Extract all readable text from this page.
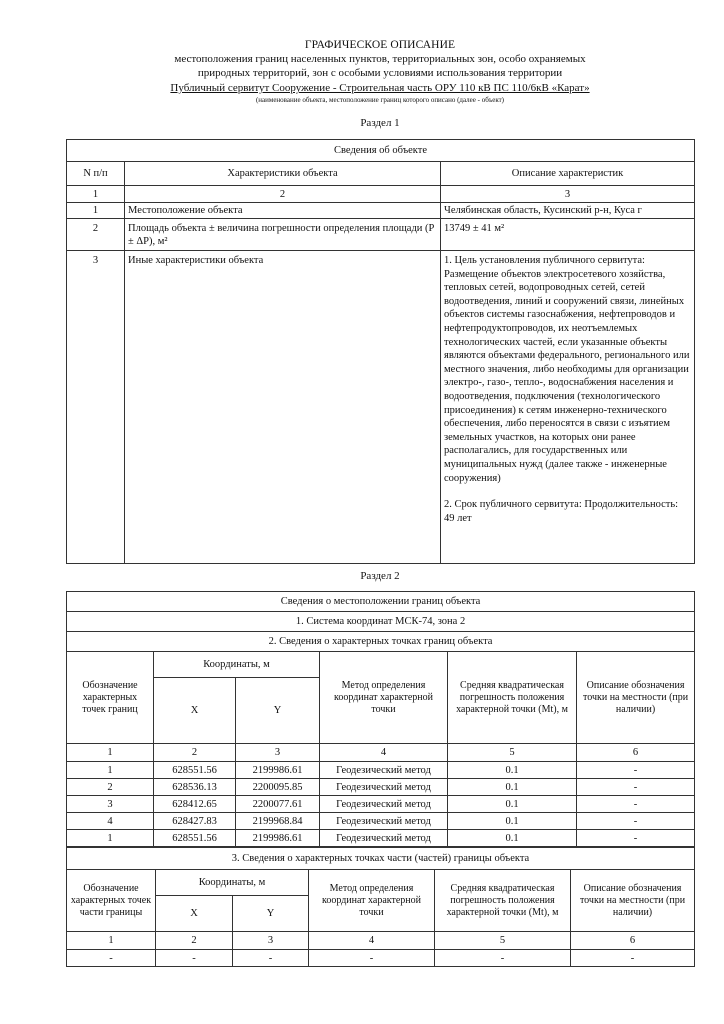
ГРАФИЧЕСКОЕ ОПИСАНИЕ
местоположения границ населенных пунктов, территориальных зон, особо охраняемых
природных территорий, зон с особыми условиями использования территории
Публичный сервитут Сооружение - Строительная часть ОРУ 110 кВ ПС 110/6кВ «Карат»
(наименование объекта, местоположение границ которого описано (далее - объект)
Раздел 1
Сведения об объекте		
N п/п	Характеристики объекта	Описание характеристик
1	2	3
1	Местоположение объекта	Челябинская область, Кусинский р-н, Куса г
2	Площадь объекта ± величина погрешности определения площади (P ± ΔP), м²	13749 ± 41 м²
3	Иные характеристики объекта	1. Цель установления публичного сервитута: Размещение объектов электросетевого хозяйства, тепловых сетей, водопроводных сетей, сетей водоотведения, линий и сооружений связи, линейных объектов системы газоснабжения, нефтепроводов и нефтепродуктопроводов, их неотъемлемых технологических частей, если указанные объекты являются объектами федерального, регионального или местного значения, либо необходимы для организации электро-, газо-, тепло-, водоснабжения населения и водоотведения, подключения (технологического присоединения) к сетям инженерно-технического обеспечения, либо переносятся в связи с изъятием земельных участков, на которых они ранее располагались, для государственных или муниципальных нужд (далее также - инженерные сооружения)
2. Срок публичного сервитута: Продолжительность: 49 лет
Раздел 2
Сведения о местоположении границ объекта					
1. Система координат МСК-74, зона 2					
2. Сведения о характерных точках границ объекта					
Обозначение характерных точек границ	Координаты, м		Метод определения координат характерной точки	Средняя квадратическая погрешность положения характерной точки (Mt), м	Описание обозначения точки на местности (при наличии)
	X	Y			
1	2	3	4	5	6
1	628551.56	2199986.61	Геодезический метод	0.1	-
2	628536.13	2200095.85	Геодезический метод	0.1	-
3	628412.65	2200077.61	Геодезический метод	0.1	-
4	628427.83	2199968.84	Геодезический метод	0.1	-
1	628551.56	2199986.61	Геодезический метод	0.1	-
3. Сведения о характерных точках части (частей) границы объекта					
Обозначение характерных точек части границы	Координаты, м		Метод определения координат характерной точки	Средняя квадратическая погрешность положения характерной точки (Mt), м	Описание обозначения точки на местности (при наличии)
	X	Y			
1	2	3	4	5	6
-	-	-	-	-	-
